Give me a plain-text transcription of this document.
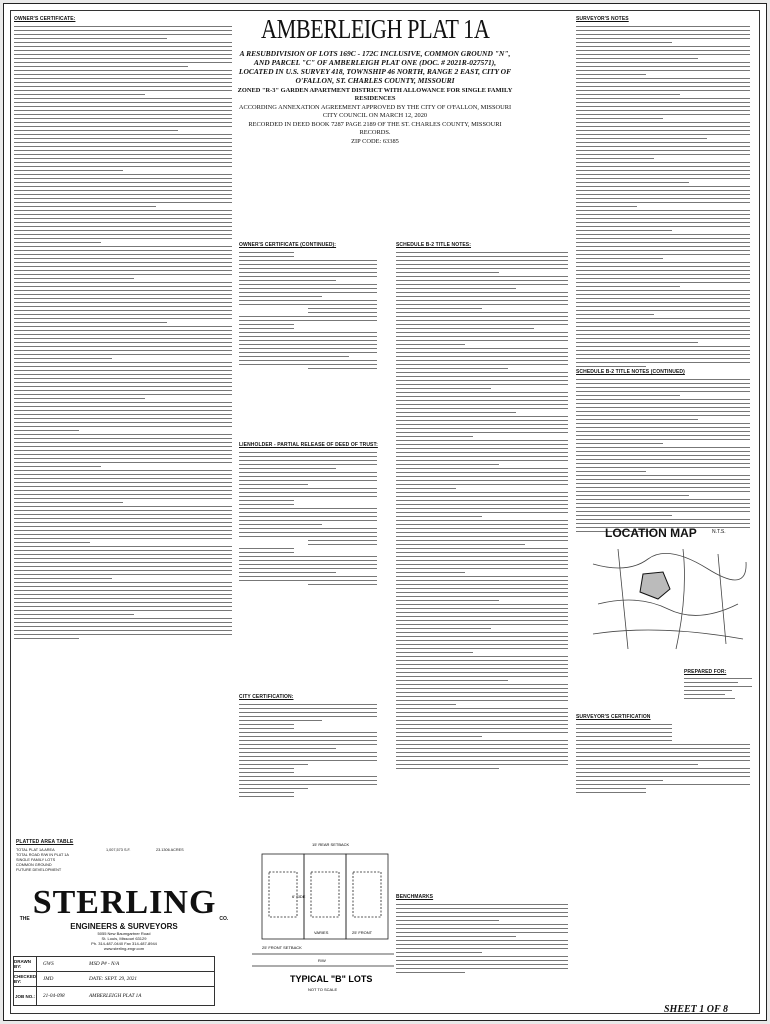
OWNER'S CERTIFICATE:
PLATTED AREA TABLE
TOTAL PLAT 1A AREA	1,007,573 S.F.	23.1306 ACRES
TOTAL ROAD R/W IN PLAT 1A
SINGLE FAMILY LOTS
COMMON GROUND
FUTURE DEVELOPMENT
THE STERLING CO.
ENGINEERS & SURVEYORS
5055 New Baumgartner Road
St. Louis, Missouri 63129
Ph. 314-487-0440 Fax 314-487-8944
www.sterling-engr.com
DRAWN BY:	GWS	MSD P# - N/A
CHECKED BY:	JMD	DATE: SEPT. 29, 2021
JOB NO.:	21-04-098	AMBERLEIGH PLAT 1A
AMBERLEIGH PLAT 1A
A RESUBDIVISION OF LOTS 169C - 172C INCLUSIVE, COMMON GROUND "N", AND PARCEL "C" OF AMBERLEIGH PLAT ONE (DOC. # 2021R-027571), LOCATED IN U.S. SURVEY 418, TOWNSHIP 46 NORTH, RANGE 2 EAST, CITY OF O'FALLON, ST. CHARLES COUNTY, MISSOURI
ZONED "R-3" GARDEN APARTMENT DISTRICT WITH ALLOWANCE FOR SINGLE FAMILY RESIDENCES
ACCORDING ANNEXATION AGREEMENT APPROVED BY THE CITY OF O'FALLON, MISSOURI CITY COUNCIL ON MARCH 12, 2020
RECORDED IN DEED BOOK 7287 PAGE 2189 OF THE ST. CHARLES COUNTY, MISSOURI RECORDS.
ZIP CODE: 63385
OWNER'S CERTIFICATE (CONTINUED):
LIENHOLDER - PARTIAL RELEASE OF DEED OF TRUST:
CITY CERTIFICATION:
15' REAR SETBACK
25' FRONT SETBACK
R/W
6' SIDE
25' FRONT
VARIES
TYPICAL "B" LOTS
NOT TO SCALE
SCHEDULE B-2 TITLE NOTES:
BENCHMARKS
SURVEYOR'S NOTES
SCHEDULE B-2 TITLE NOTES (CONTINUED)
LOCATION MAP	N.T.S.
PREPARED FOR:
SURVEYOR'S CERTIFICATION
SHEET 1 OF 8
